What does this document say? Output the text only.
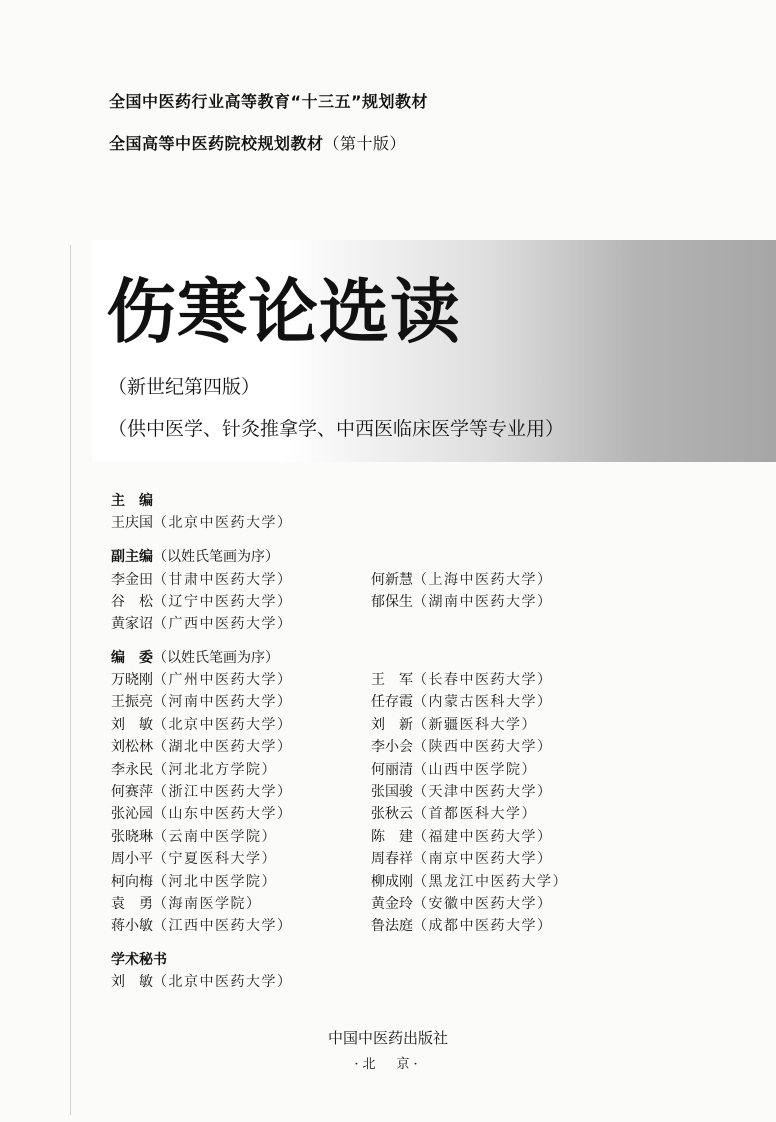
全国中医药行业高等教育“十三五”规划教材
全国高等中医药院校规划教材（第十版）
伤寒论选读
（新世纪第四版）
（供中医学、针灸推拿学、中西医临床医学等专业用）
主　编
王庆国（北京中医药大学）
副主编（以姓氏笔画为序）
李金田（甘肃中医药大学）
谷　松（辽宁中医药大学）
黄家诏（广西中医药大学）
何新慧（上海中医药大学）
郁保生（湖南中医药大学）
编　委（以姓氏笔画为序）
万晓刚（广州中医药大学）
王振亮（河南中医药大学）
刘　敏（北京中医药大学）
刘松林（湖北中医药大学）
李永民（河北北方学院）
何赛萍（浙江中医药大学）
张沁园（山东中医药大学）
张晓琳（云南中医学院）
周小平（宁夏医科大学）
柯向梅（河北中医学院）
袁　勇（海南医学院）
蒋小敏（江西中医药大学）
王　军（长春中医药大学）
任存霞（内蒙古医科大学）
刘　新（新疆医科大学）
李小会（陕西中医药大学）
何丽清（山西中医学院）
张国骏（天津中医药大学）
张秋云（首都医科大学）
陈　建（福建中医药大学）
周春祥（南京中医药大学）
柳成刚（黑龙江中医药大学）
黄金玲（安徽中医药大学）
鲁法庭（成都中医药大学）
学术秘书
刘　敏（北京中医药大学）
中国中医药出版社
·北　京·
